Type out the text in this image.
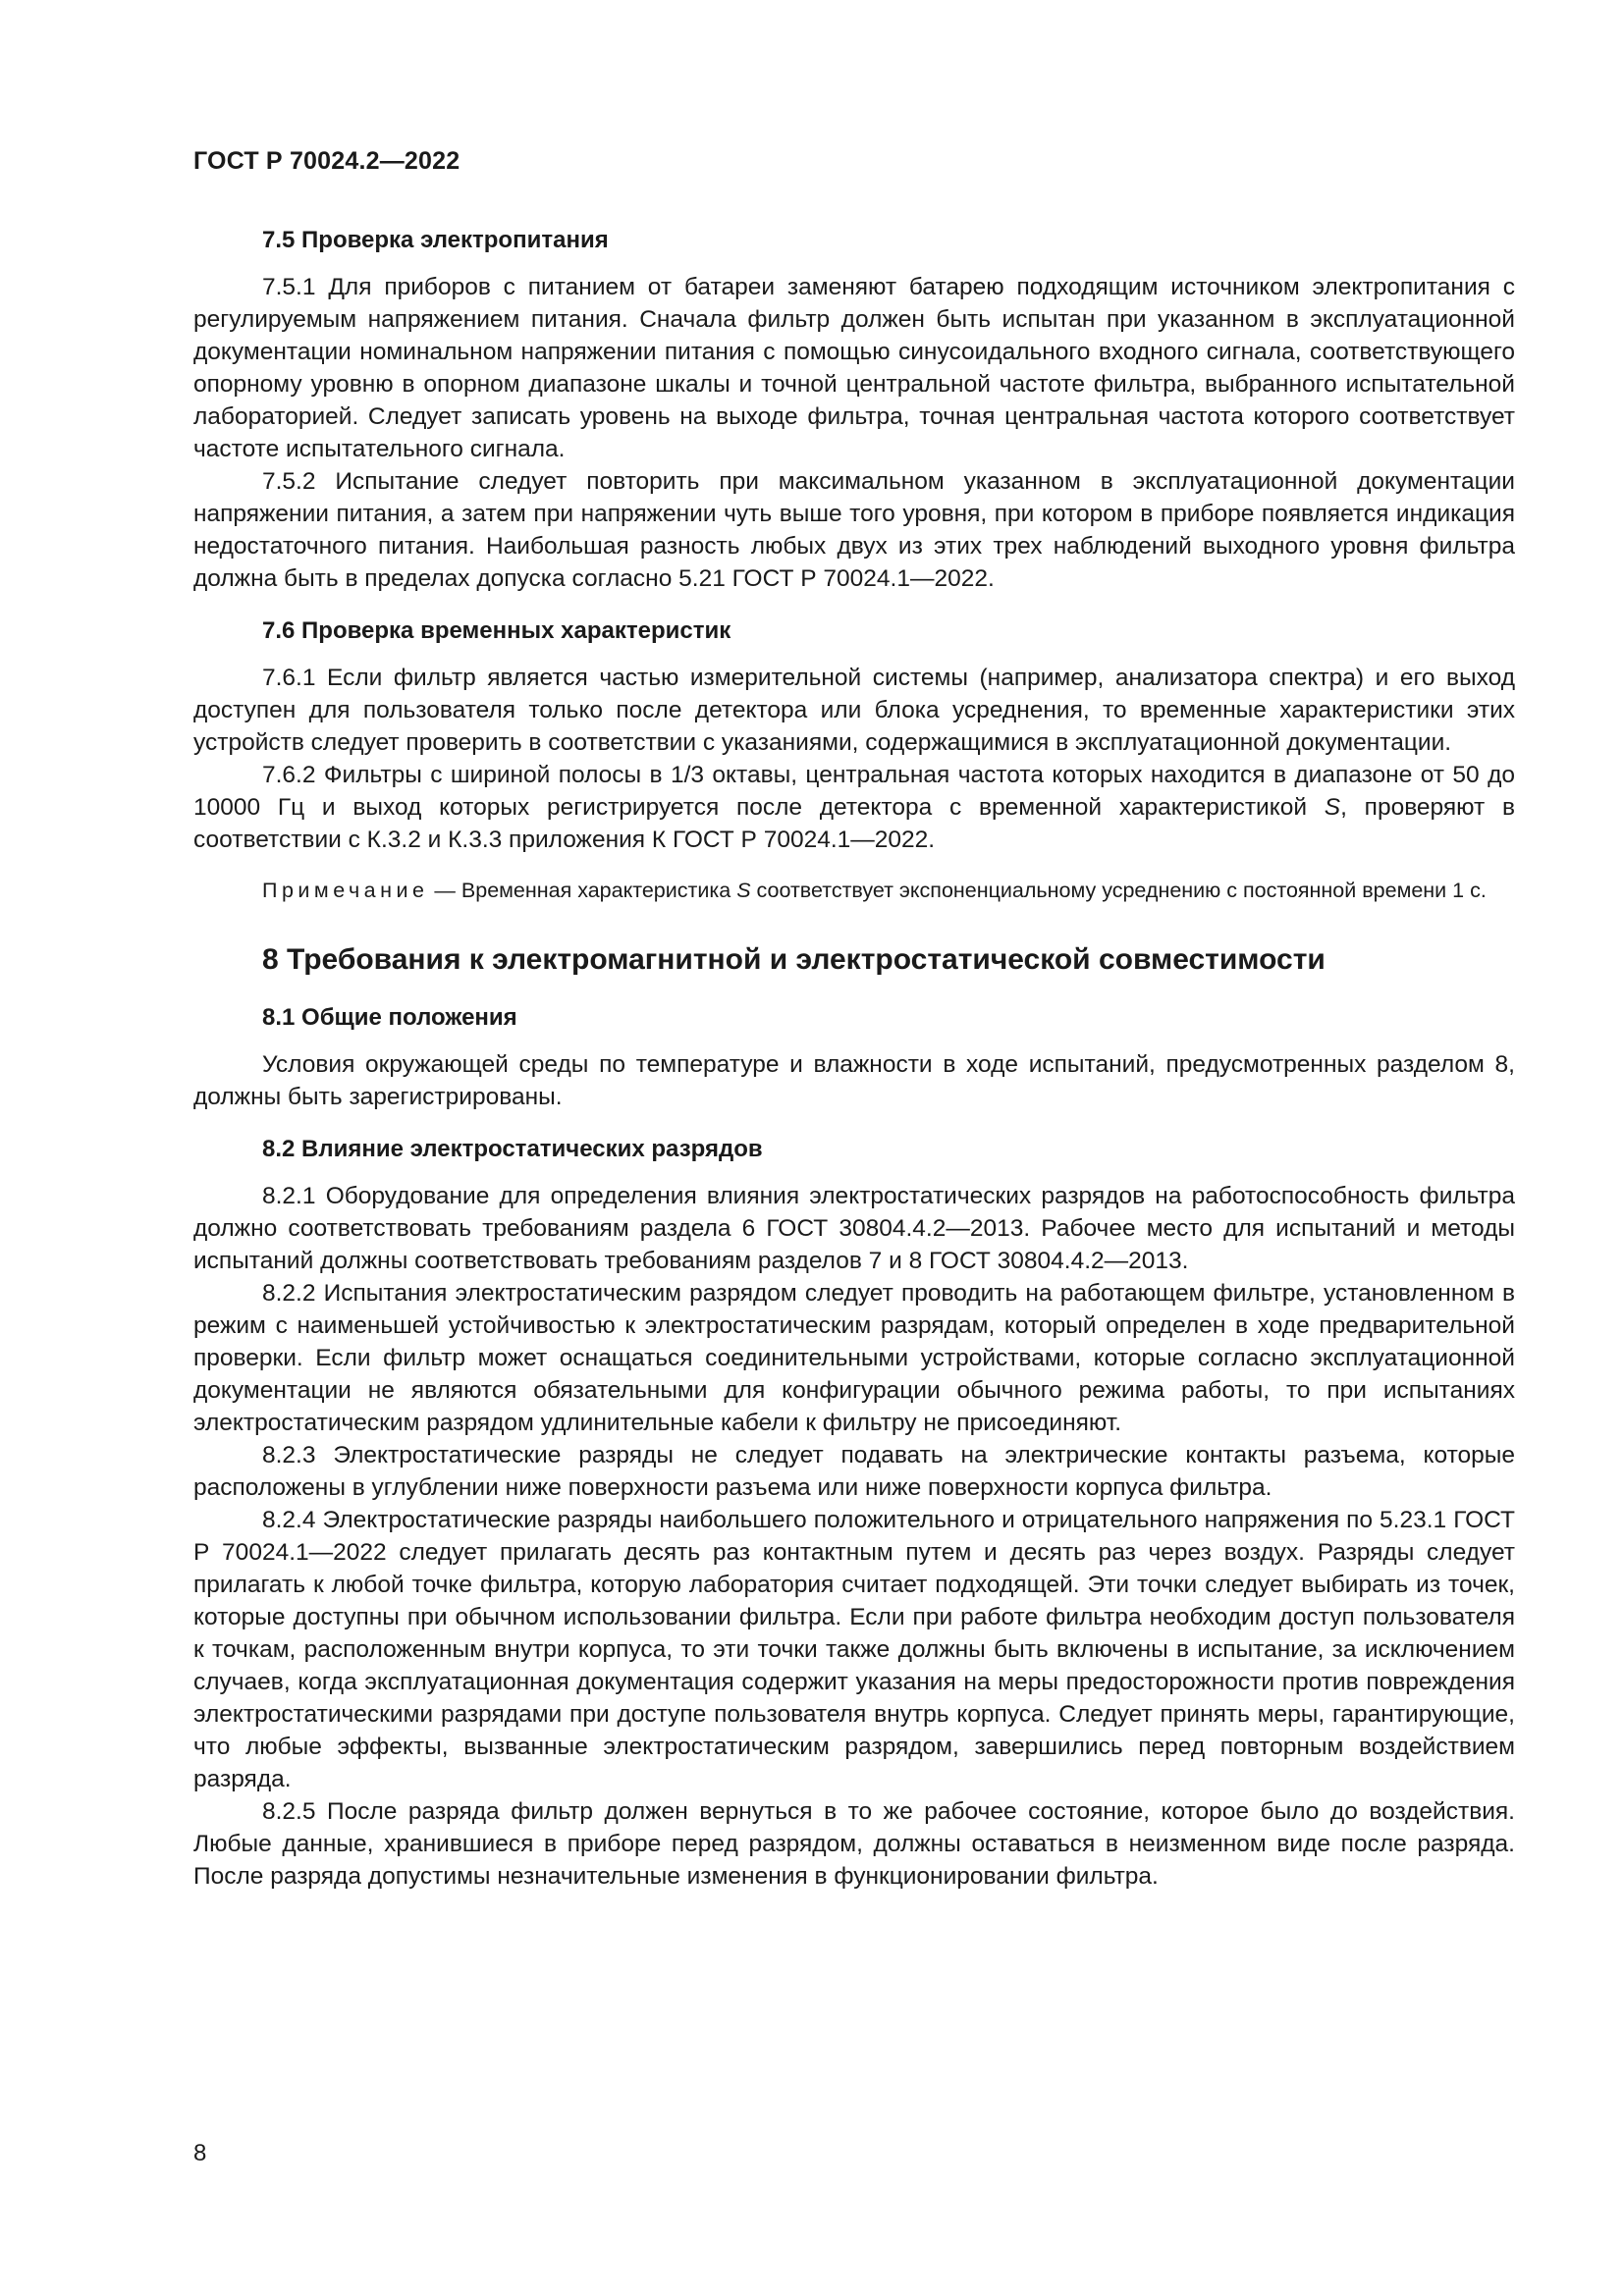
ГОСТ Р 70024.2—2022
7.5 Проверка электропитания

7.5.1 Для приборов с питанием от батареи заменяют батарею подходящим источником электропитания с регулируемым напряжением питания. Сначала фильтр должен быть испытан при указанном в эксплуатационной документации номинальном напряжении питания с помощью синусоидального входного сигнала, соответствующего опорному уровню в опорном диапазоне шкалы и точной центральной частоте фильтра, выбранного испытательной лабораторией. Следует записать уровень на выходе фильтра, точная центральная частота которого соответствует частоте испытательного сигнала.

7.5.2 Испытание следует повторить при максимальном указанном в эксплуатационной документации напряжении питания, а затем при напряжении чуть выше того уровня, при котором в приборе появляется индикация недостаточного питания. Наибольшая разность любых двух из этих трех наблюдений выходного уровня фильтра должна быть в пределах допуска согласно 5.21 ГОСТ Р 70024.1—2022.

7.6 Проверка временных характеристик

7.6.1 Если фильтр является частью измерительной системы (например, анализатора спектра) и его выход доступен для пользователя только после детектора или блока усреднения, то временные характеристики этих устройств следует проверить в соответствии с указаниями, содержащимися в эксплуатационной документации.

7.6.2 Фильтры с шириной полосы в 1/3 октавы, центральная частота которых находится в диапазоне от 50 до 10000 Гц и выход которых регистрируется после детектора с временной характеристикой S, проверяют в соответствии с К.3.2 и К.3.3 приложения К ГОСТ Р 70024.1—2022.

Примечание — Временная характеристика S соответствует экспоненциальному усреднению с постоянной времени 1 с.

8 Требования к электромагнитной и электростатической совместимости
8.1 Общие положения

Условия окружающей среды по температуре и влажности в ходе испытаний, предусмотренных разделом 8, должны быть зарегистрированы.

8.2 Влияние электростатических разрядов

8.2.1 Оборудование для определения влияния электростатических разрядов на работоспособность фильтра должно соответствовать требованиям раздела 6 ГОСТ 30804.4.2—2013. Рабочее место для испытаний и методы испытаний должны соответствовать требованиям разделов 7 и 8 ГОСТ 30804.4.2—2013.

8.2.2 Испытания электростатическим разрядом следует проводить на работающем фильтре, установленном в режим с наименьшей устойчивостью к электростатическим разрядам, который определен в ходе предварительной проверки. Если фильтр может оснащаться соединительными устройствами, которые согласно эксплуатационной документации не являются обязательными для конфигурации обычного режима работы, то при испытаниях электростатическим разрядом удлинительные кабели к фильтру не присоединяют.

8.2.3 Электростатические разряды не следует подавать на электрические контакты разъема, которые расположены в углублении ниже поверхности разъема или ниже поверхности корпуса фильтра.

8.2.4 Электростатические разряды наибольшего положительного и отрицательного напряжения по 5.23.1 ГОСТ Р 70024.1—2022 следует прилагать десять раз контактным путем и десять раз через воздух. Разряды следует прилагать к любой точке фильтра, которую лаборатория считает подходящей. Эти точки следует выбирать из точек, которые доступны при обычном использовании фильтра. Если при работе фильтра необходим доступ пользователя к точкам, расположенным внутри корпуса, то эти точки также должны быть включены в испытание, за исключением случаев, когда эксплуатационная документация содержит указания на меры предосторожности против повреждения электростатическими разрядами при доступе пользователя внутрь корпуса. Следует принять меры, гарантирующие, что любые эффекты, вызванные электростатическим разрядом, завершились перед повторным воздействием разряда.

8.2.5 После разряда фильтр должен вернуться в то же рабочее состояние, которое было до воздействия. Любые данные, хранившиеся в приборе перед разрядом, должны оставаться в неизменном виде после разряда. После разряда допустимы незначительные изменения в функционировании фильтра.

8
